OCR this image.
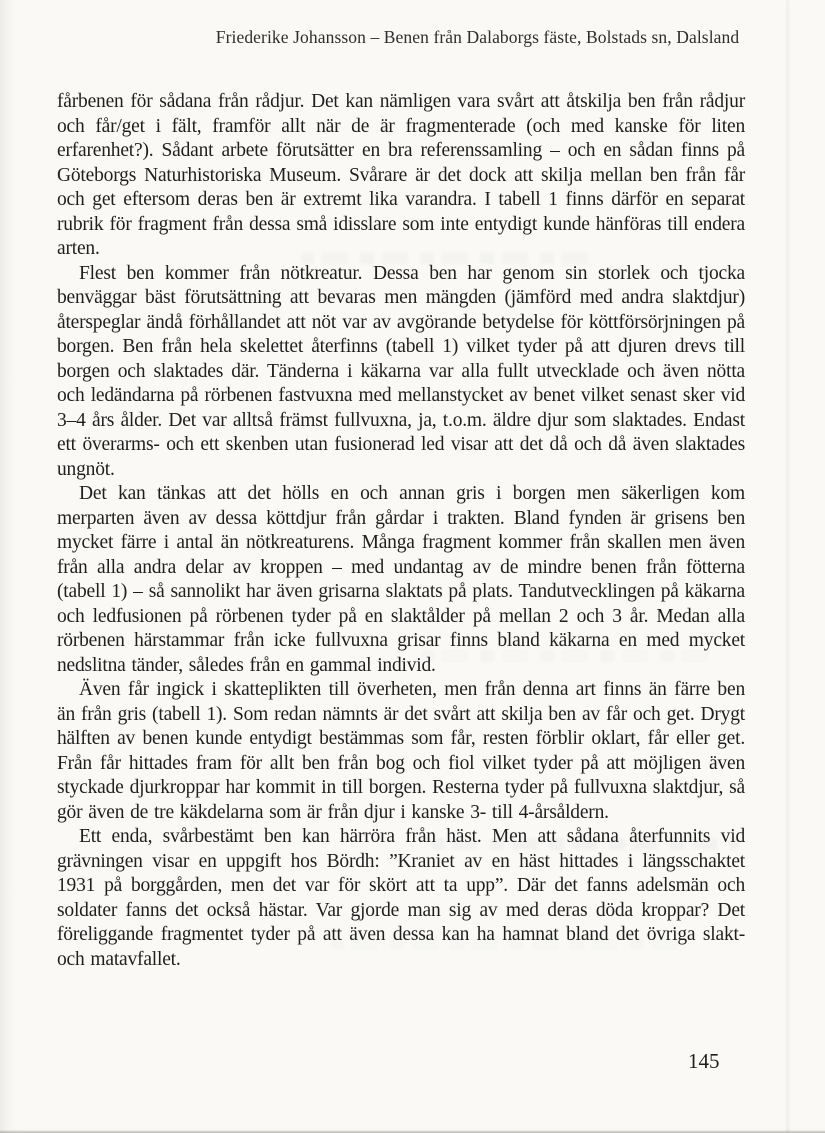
Friederike Johansson – Benen från Dalaborgs fäste, Bolstads sn, Dalsland

fårbenen för sådana från rådjur. Det kan nämligen vara svårt att åtskilja ben från rådjur och får/get i fält, framför allt när de är fragmenterade (och med kanske för liten erfarenhet?). Sådant arbete förutsätter en bra referenssamling – och en sådan finns på Göteborgs Naturhistoriska Museum. Svårare är det dock att skilja mellan ben från får och get eftersom deras ben är extremt lika varandra. I tabell 1 finns därför en separat rubrik för fragment från dessa små idisslare som inte entydigt kunde hänföras till endera arten.

Flest ben kommer från nötkreatur. Dessa ben har genom sin storlek och tjocka benväggar bäst förutsättning att bevaras men mängden (jämförd med andra slaktdjur) återspeglar ändå förhållandet att nöt var av avgörande betydelse för köttförsörjningen på borgen. Ben från hela skelettet återfinns (tabell 1) vilket tyder på att djuren drevs till borgen och slaktades där. Tänderna i käkarna var alla fullt utvecklade och även nötta och ledändarna på rörbenen fastvuxna med mellanstycket av benet vilket senast sker vid 3–4 års ålder. Det var alltså främst fullvuxna, ja, t.o.m. äldre djur som slaktades. Endast ett överarms- och ett skenben utan fusionerad led visar att det då och då även slaktades ungnöt.

Det kan tänkas att det hölls en och annan gris i borgen men säkerligen kom merparten även av dessa köttdjur från gårdar i trakten. Bland fynden är grisens ben mycket färre i antal än nötkreaturens. Många fragment kommer från skallen men även från alla andra delar av kroppen – med undantag av de mindre benen från fötterna (tabell 1) – så sannolikt har även grisarna slaktats på plats. Tandutvecklingen på käkarna och ledfusionen på rörbenen tyder på en slaktålder på mellan 2 och 3 år. Medan alla rörbenen härstammar från icke fullvuxna grisar finns bland käkarna en med mycket nedslitna tänder, således från en gammal individ.

Även får ingick i skatteplikten till överheten, men från denna art finns än färre ben än från gris (tabell 1). Som redan nämnts är det svårt att skilja ben av får och get. Drygt hälften av benen kunde entydigt bestämmas som får, resten förblir oklart, får eller get. Från får hittades fram för allt ben från bog och fiol vilket tyder på att möjligen även styckade djurkroppar har kommit in till borgen. Resterna tyder på fullvuxna slaktdjur, så gör även de tre käkdelarna som är från djur i kanske 3- till 4-årsåldern.

Ett enda, svårbestämt ben kan härröra från häst. Men att sådana återfunnits vid grävningen visar en uppgift hos Bördh: ”Kraniet av en häst hittades i längsschaktet 1931 på borggården, men det var för skört att ta upp”. Där det fanns adelsmän och soldater fanns det också hästar. Var gjorde man sig av med deras döda kroppar? Det föreliggande fragmentet tyder på att även dessa kan ha hamnat bland det övriga slakt- och matavfallet.

145
